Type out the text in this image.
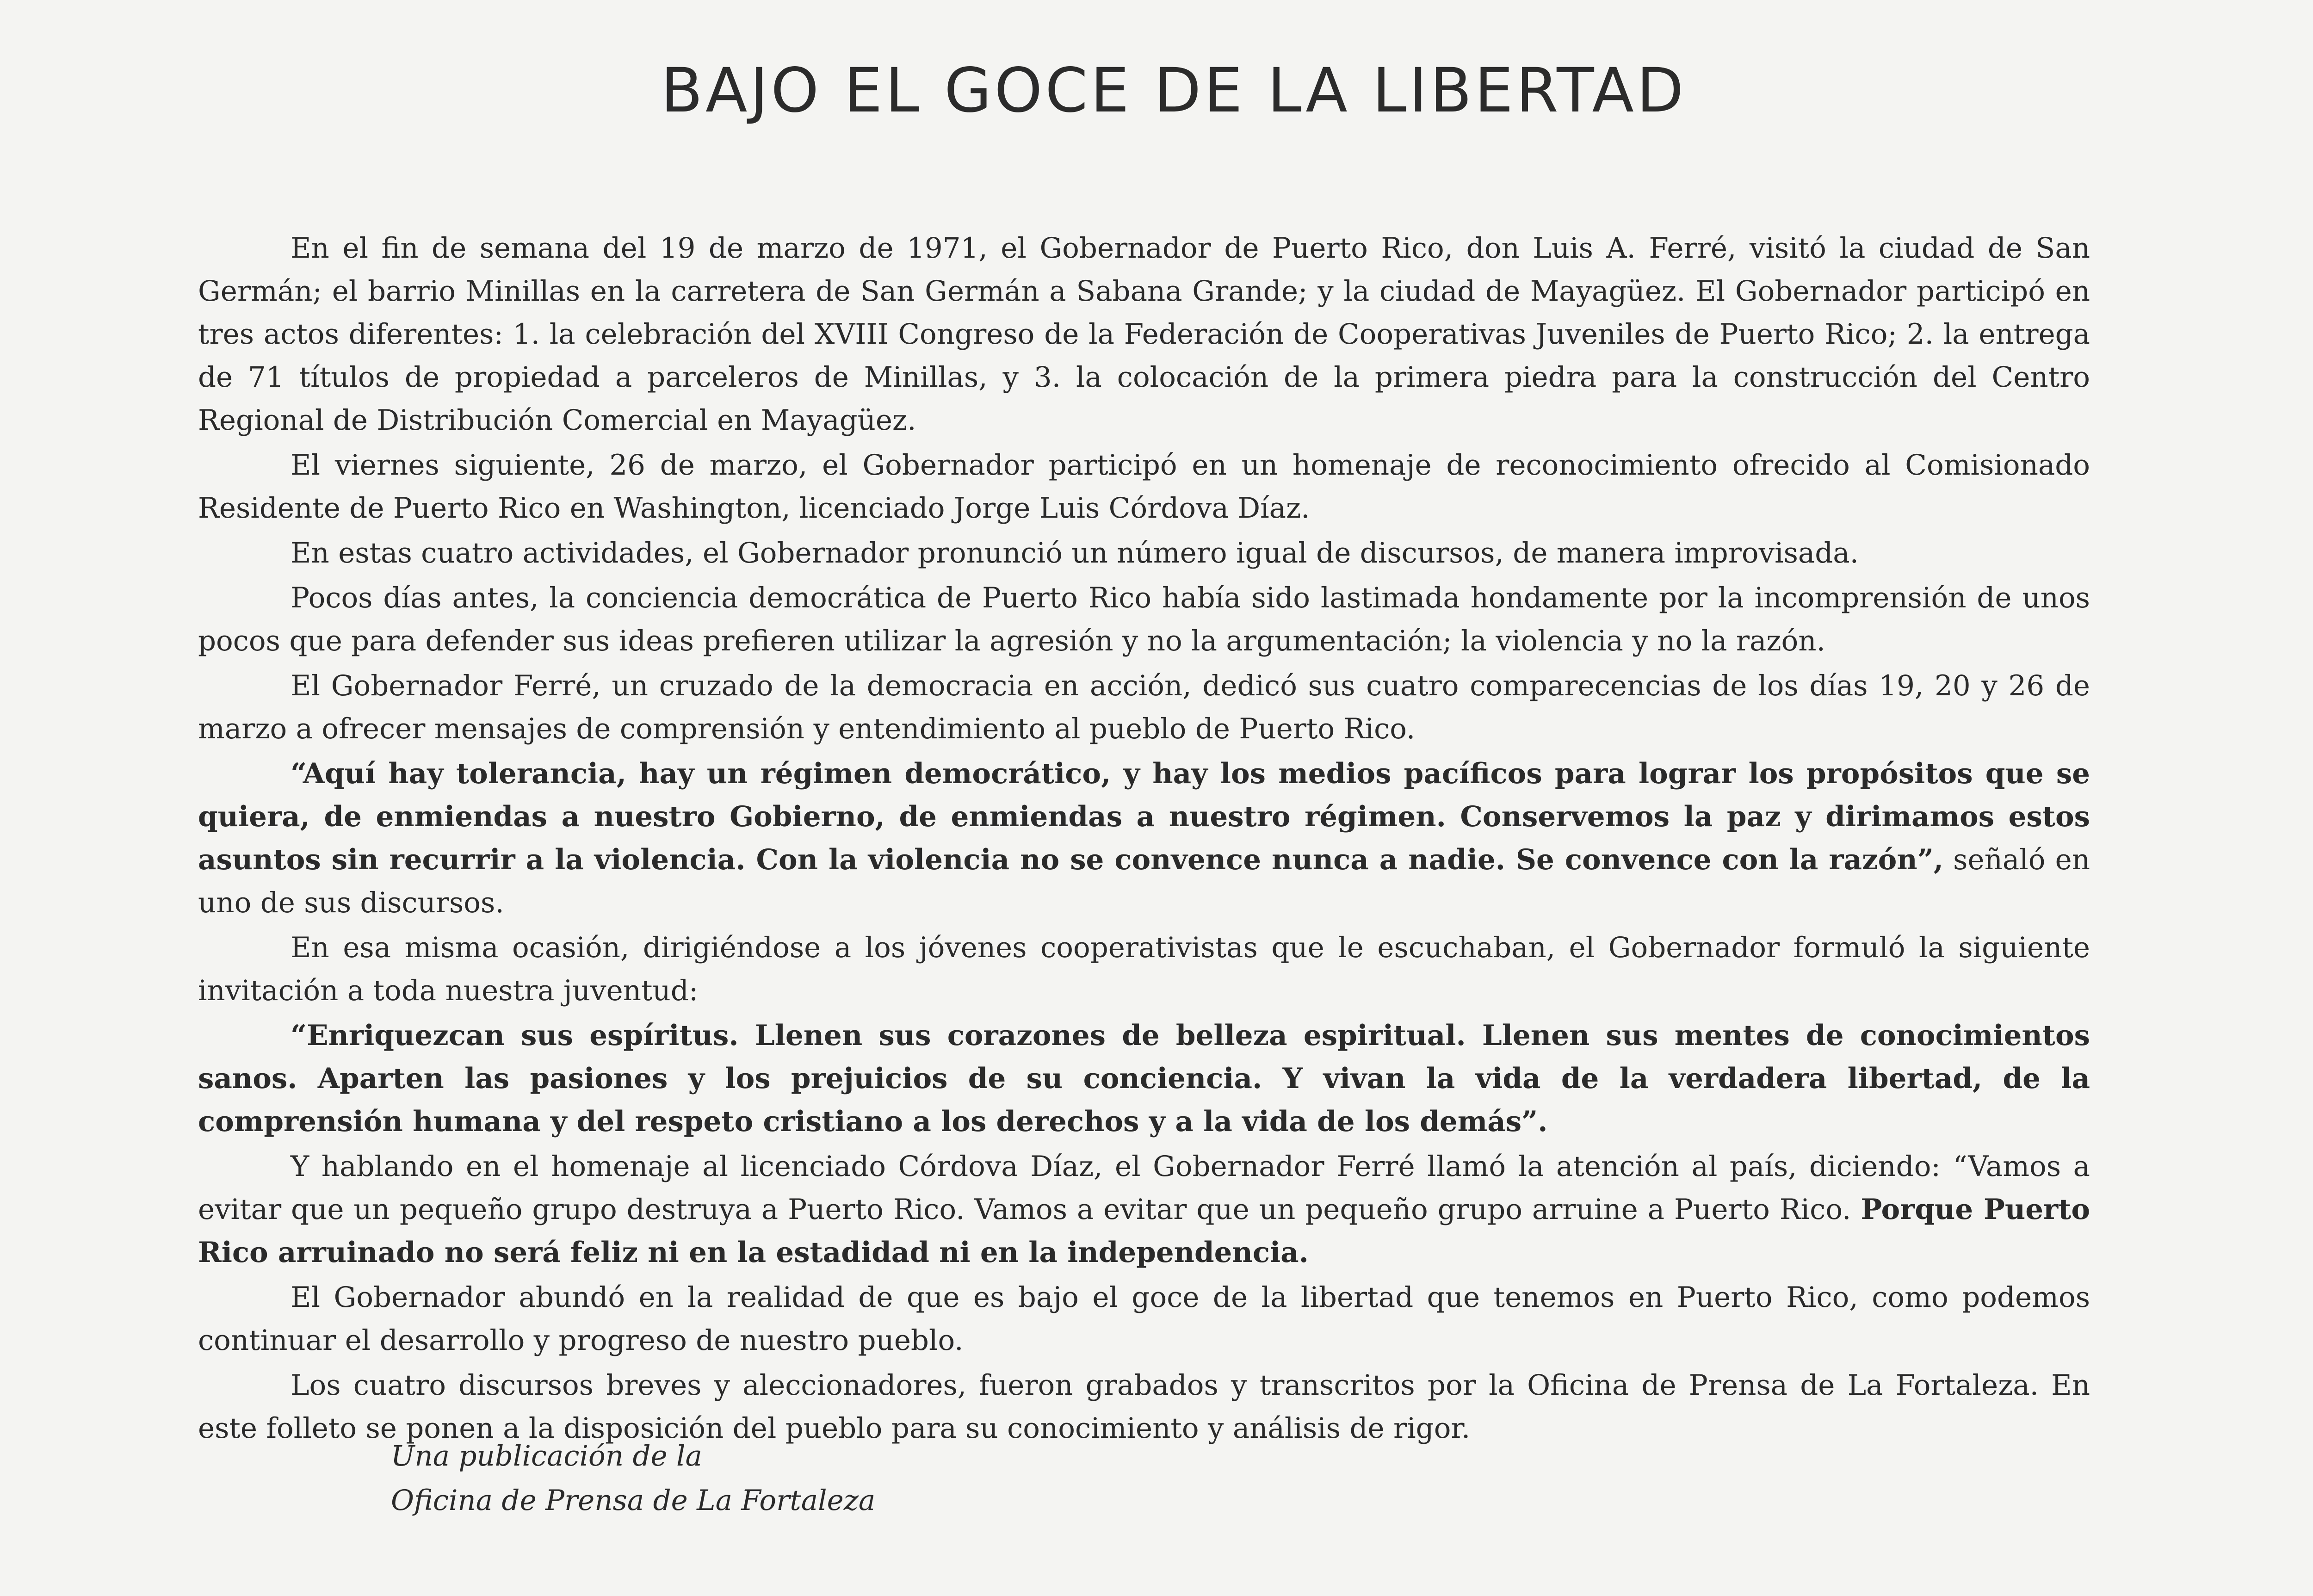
BAJO EL GOCE DE LA LIBERTAD

En el fin de semana del 19 de marzo de 1971, el Gobernador de Puerto Rico, don Luis A. Ferré, visitó la ciudad de San Germán; el barrio Minillas en la carretera de San Germán a Sabana Grande; y la ciudad de Mayagüez. El Gobernador participó en tres actos diferentes: 1. la celebración del XVIII Congreso de la Federación de Cooperativas Juveniles de Puerto Rico; 2. la entrega de 71 títulos de propiedad a parceleros de Minillas, y 3. la colocación de la primera piedra para la construcción del Centro Regional de Distribución Comercial en Mayagüez.

El viernes siguiente, 26 de marzo, el Gobernador participó en un homenaje de reconocimiento ofrecido al Comisionado Residente de Puerto Rico en Washington, licenciado Jorge Luis Córdova Díaz.

En estas cuatro actividades, el Gobernador pronunció un número igual de discursos, de manera improvisada.

Pocos días antes, la conciencia democrática de Puerto Rico había sido lastimada hondamente por la incomprensión de unos pocos que para defender sus ideas prefieren utilizar la agresión y no la argumentación; la violencia y no la razón.

El Gobernador Ferré, un cruzado de la democracia en acción, dedicó sus cuatro comparecencias de los días 19, 20 y 26 de marzo a ofrecer mensajes de comprensión y entendimiento al pueblo de Puerto Rico.

“Aquí hay tolerancia, hay un régimen democrático, y hay los medios pacíficos para lograr los propósitos que se quiera, de enmiendas a nuestro Gobierno, de enmiendas a nuestro régimen. Conservemos la paz y dirimamos estos asuntos sin recurrir a la violencia. Con la violencia no se convence nunca a nadie. Se convence con la razón”, señaló en uno de sus discursos.

En esa misma ocasión, dirigiéndose a los jóvenes cooperativistas que le escuchaban, el Gobernador formuló la siguiente invitación a toda nuestra juventud:

“Enriquezcan sus espíritus. Llenen sus corazones de belleza espiritual. Llenen sus mentes de conocimientos sanos. Aparten las pasiones y los prejuicios de su conciencia. Y vivan la vida de la verdadera libertad, de la comprensión humana y del respeto cristiano a los derechos y a la vida de los demás”.

Y hablando en el homenaje al licenciado Córdova Díaz, el Gobernador Ferré llamó la atención al país, diciendo: “Vamos a evitar que un pequeño grupo destruya a Puerto Rico. Vamos a evitar que un pequeño grupo arruine a Puerto Rico. Porque Puerto Rico arruinado no será feliz ni en la estadidad ni en la independencia.

El Gobernador abundó en la realidad de que es bajo el goce de la libertad que tenemos en Puerto Rico, como podemos continuar el desarrollo y progreso de nuestro pueblo.

Los cuatro discursos breves y aleccionadores, fueron grabados y transcritos por la Oficina de Prensa de La Fortaleza. En este folleto se ponen a la disposición del pueblo para su conocimiento y análisis de rigor.

Una publicación de la
Oficina de Prensa de La Fortaleza
